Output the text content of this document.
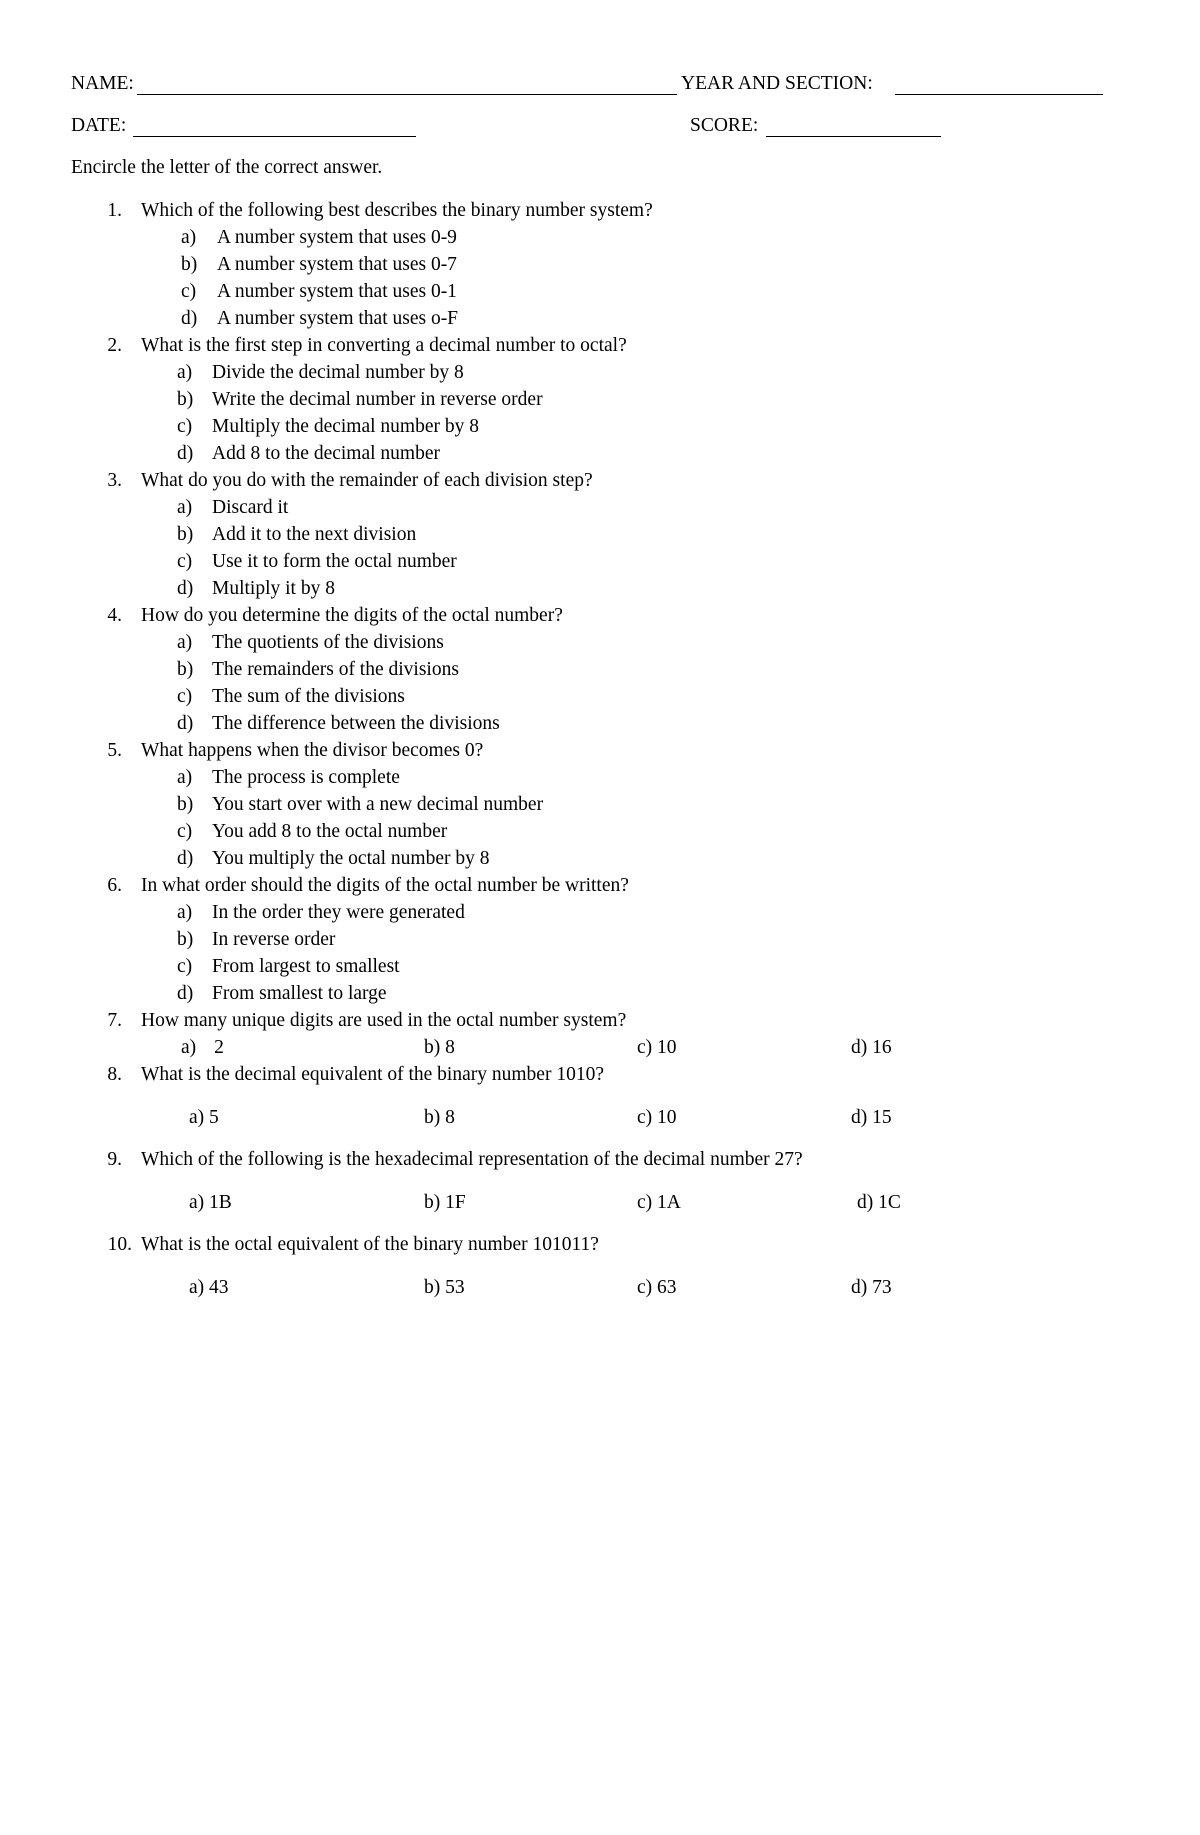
NAME:	YEAR AND SECTION:
DATE:	SCORE:
Encircle the letter of the correct answer.
1. Which of the following best describes the binary number system?
a) A number system that uses 0-9
b) A number system that uses 0-7
c) A number system that uses 0-1
d) A number system that uses o-F
2. What is the first step in converting a decimal number to octal?
a) Divide the decimal number by 8
b) Write the decimal number in reverse order
c) Multiply the decimal number by 8
d) Add 8 to the decimal number
3. What do you do with the remainder of each division step?
a) Discard it
b) Add it to the next division
c) Use it to form the octal number
d) Multiply it by 8
4. How do you determine the digits of the octal number?
a) The quotients of the divisions
b) The remainders of the divisions
c) The sum of the divisions
d) The difference between the divisions
5. What happens when the divisor becomes 0?
a) The process is complete
b) You start over with a new decimal number
c) You add 8 to the octal number
d) You multiply the octal number by 8
6. In what order should the digits of the octal number be written?
a) In the order they were generated
b) In reverse order
c) From largest to smallest
d) From smallest to large
7. How many unique digits are used in the octal number system?
a) 2	b) 8	c) 10	d) 16
8. What is the decimal equivalent of the binary number 1010?
a) 5	b) 8	c) 10	d) 15
9. Which of the following is the hexadecimal representation of the decimal number 27?
a) 1B	b) 1F	c) 1A	d) 1C
10. What is the octal equivalent of the binary number 101011?
a) 43	b) 53	c) 63	d) 73
